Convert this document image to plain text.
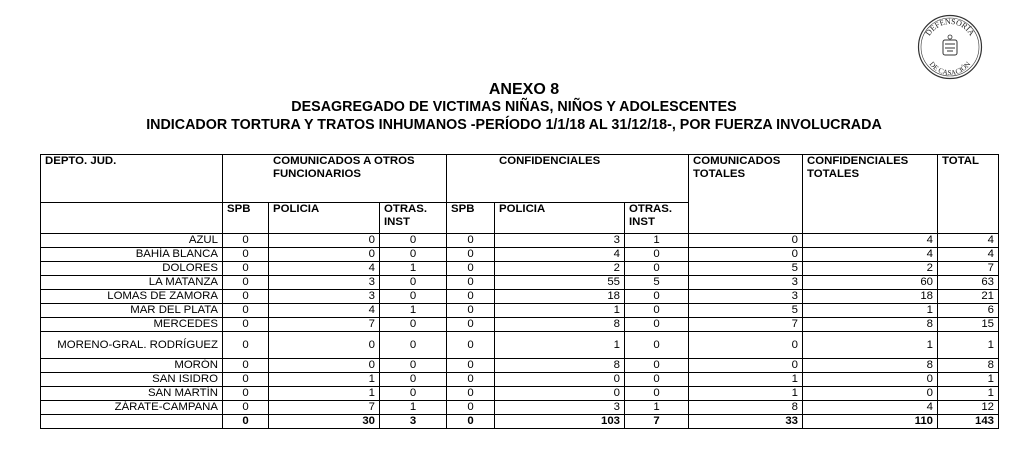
DEFENSORÍA
DE CASACIÓN
ANEXO 8
DESAGREGADO DE VICTIMAS NIÑAS, NIÑOS Y ADOLESCENTES
INDICADOR TORTURA Y TRATOS INHUMANOS -PERÍODO 1/1/18 AL 31/12/18-, POR FUERZA INVOLUCRADA
DEPTO. JUD.	COMUNICADOS A OTROS FUNCIONARIOS			CONFIDENCIALES			COMUNICADOS TOTALES	CONFIDENCIALES TOTALES	TOTAL
	SPB	POLICIA	OTRAS. INST	SPB	POLICIA	OTRAS. INST			
AZUL	0	0	0	0	3	1	0	4	4
BAHÍA BLANCA	0	0	0	0	4	0	0	4	4
DOLORES	0	4	1	0	2	0	5	2	7
LA MATANZA	0	3	0	0	55	5	3	60	63
LOMAS DE ZAMORA	0	3	0	0	18	0	3	18	21
MAR DEL PLATA	0	4	1	0	1	0	5	1	6
MERCEDES	0	7	0	0	8	0	7	8	15
MORENO-GRAL. RODRÍGUEZ	0	0	0	0	1	0	0	1	1
MORÓN	0	0	0	0	8	0	0	8	8
SAN ISIDRO	0	1	0	0	0	0	1	0	1
SAN MARTÍN	0	1	0	0	0	0	1	0	1
ZÁRATE-CAMPANA	0	7	1	0	3	1	8	4	12
	0	30	3	0	103	7	33	110	143
